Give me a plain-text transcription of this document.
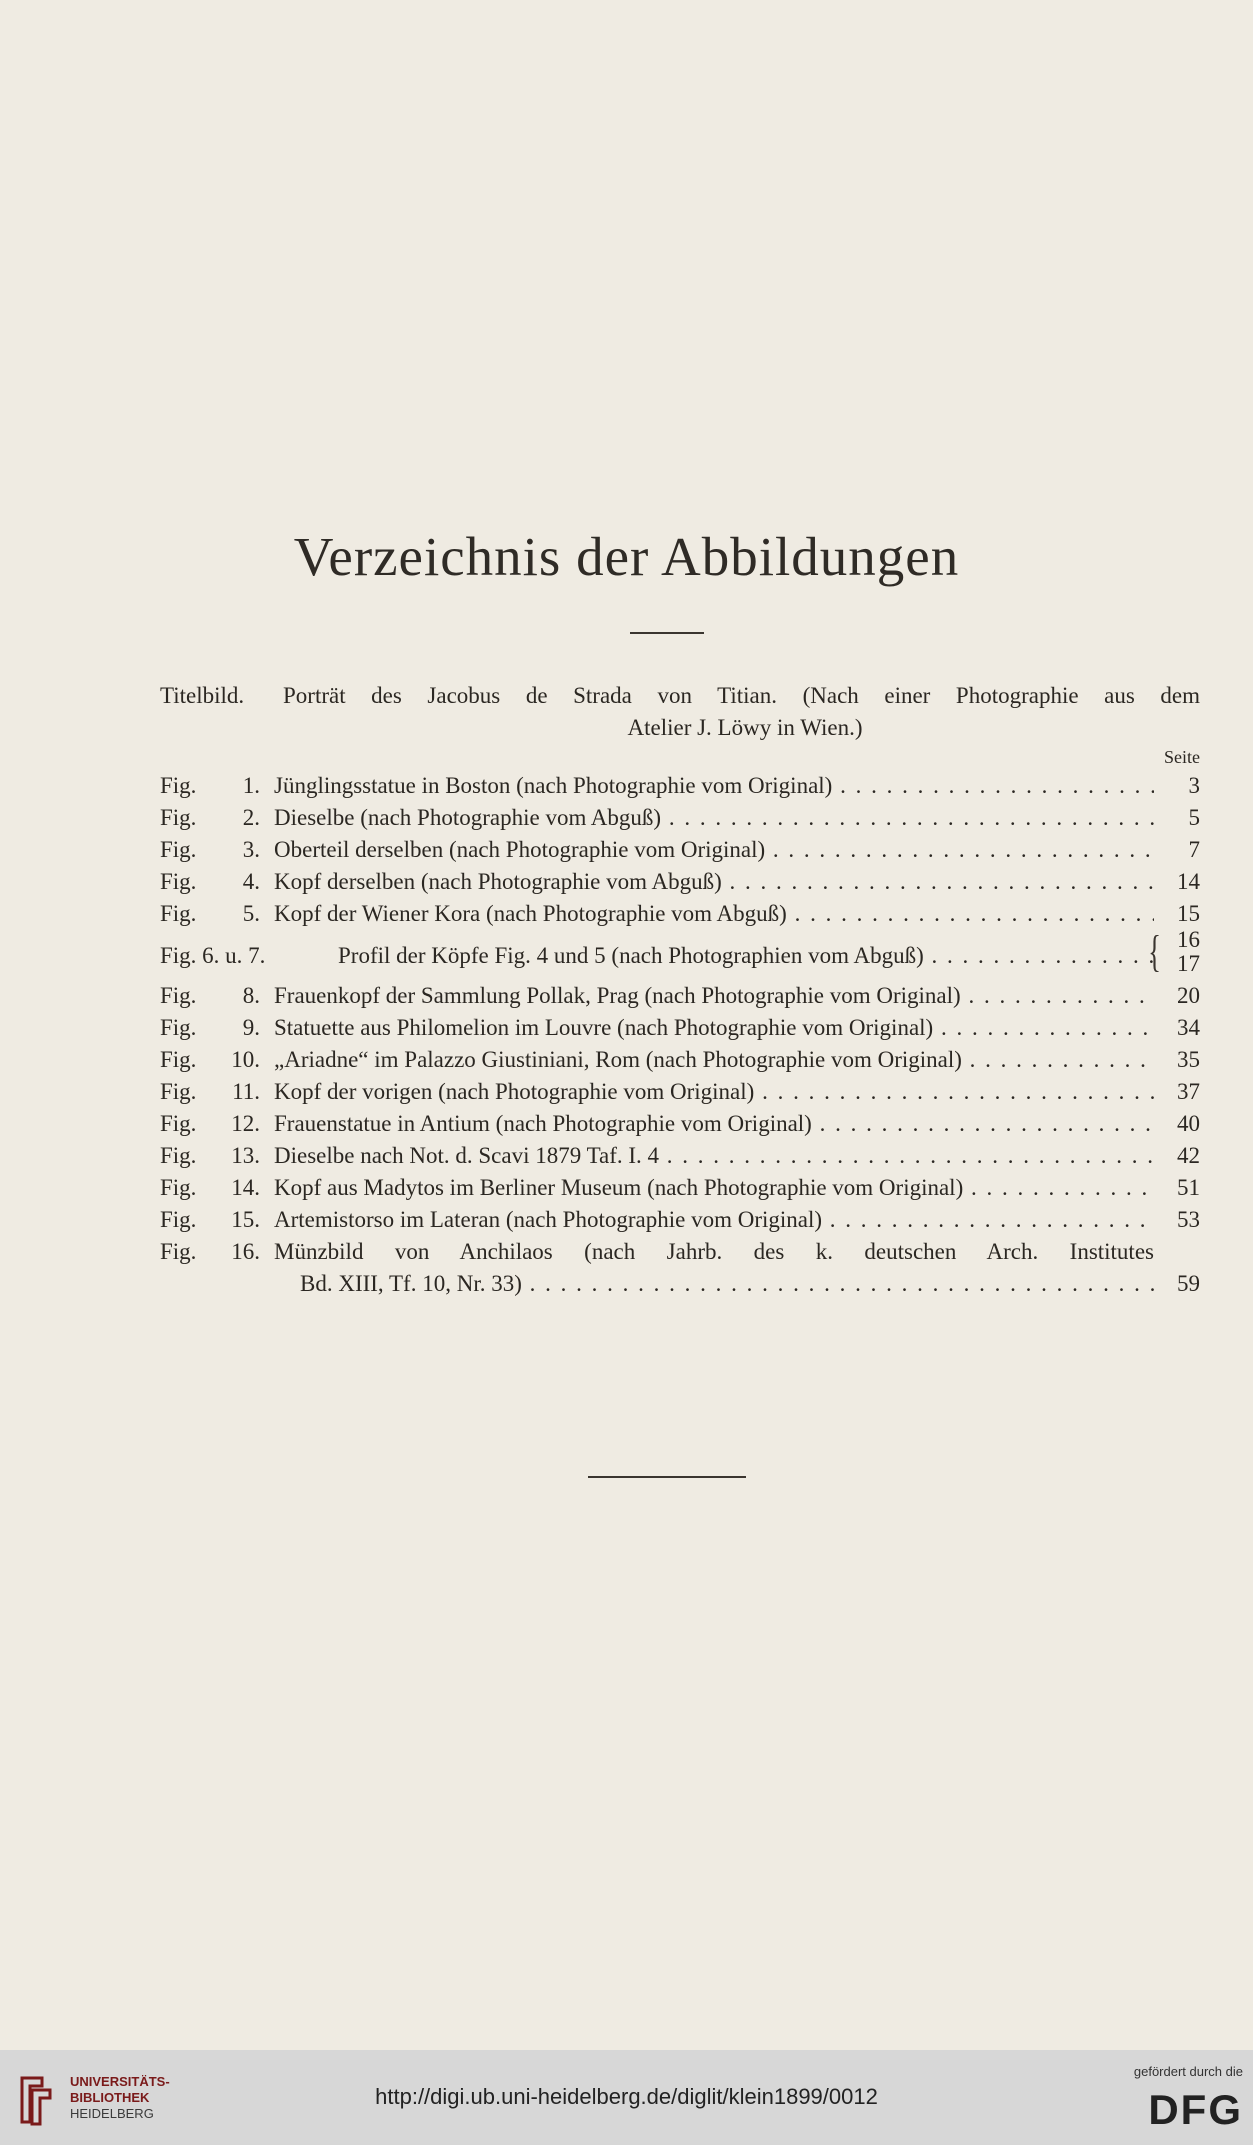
Verzeichnis der Abbildungen
Titelbild. Porträt des Jacobus de Strada von Titian. (Nach einer Photographie aus dem
Atelier J. Löwy in Wien.)
Seite
Fig.	1. Jünglingsstatue in Boston (nach Photographie vom Original) . . .	3
Fig.	2. Dieselbe (nach Photographie vom Abguß) . . .	5
Fig.	3. Oberteil derselben (nach Photographie vom Original) . . .	7
Fig.	4. Kopf derselben (nach Photographie vom Abguß) . . .	14
Fig.	5. Kopf der Wiener Kora (nach Photographie vom Abguß) . . .	15
Fig. 6. u. 7.	Profil der Köpfe Fig. 4 und 5 (nach Photographien vom Abguß) . . .	{ 16
17
Fig.	8. Frauenkopf der Sammlung Pollak, Prag (nach Photographie vom Original) . . .	20
Fig.	9. Statuette aus Philomelion im Louvre (nach Photographie vom Original) . . .	34
Fig.	10. „Ariadne“ im Palazzo Giustiniani, Rom (nach Photographie vom Original) . . .	35
Fig.	11. Kopf der vorigen (nach Photographie vom Original) . . .	37
Fig.	12. Frauenstatue in Antium (nach Photographie vom Original) . . .	40
Fig.	13. Dieselbe nach Not. d. Scavi 1879 Taf. I. 4 . . .	42
Fig.	14. Kopf aus Madytos im Berliner Museum (nach Photographie vom Original) . . .	51
Fig.	15. Artemistorso im Lateran (nach Photographie vom Original) . . .	53
Fig.	16. Münzbild von Anchilaos (nach Jahrb. des k. deutschen Arch. Institutes
Bd. XIII, Tf. 10, Nr. 33) . . .	59
UNIVERSITÄTS-
BIBLIOTHEK
HEIDELBERG
http://digi.ub.uni-heidelberg.de/diglit/klein1899/0012
gefördert durch die
DFG
